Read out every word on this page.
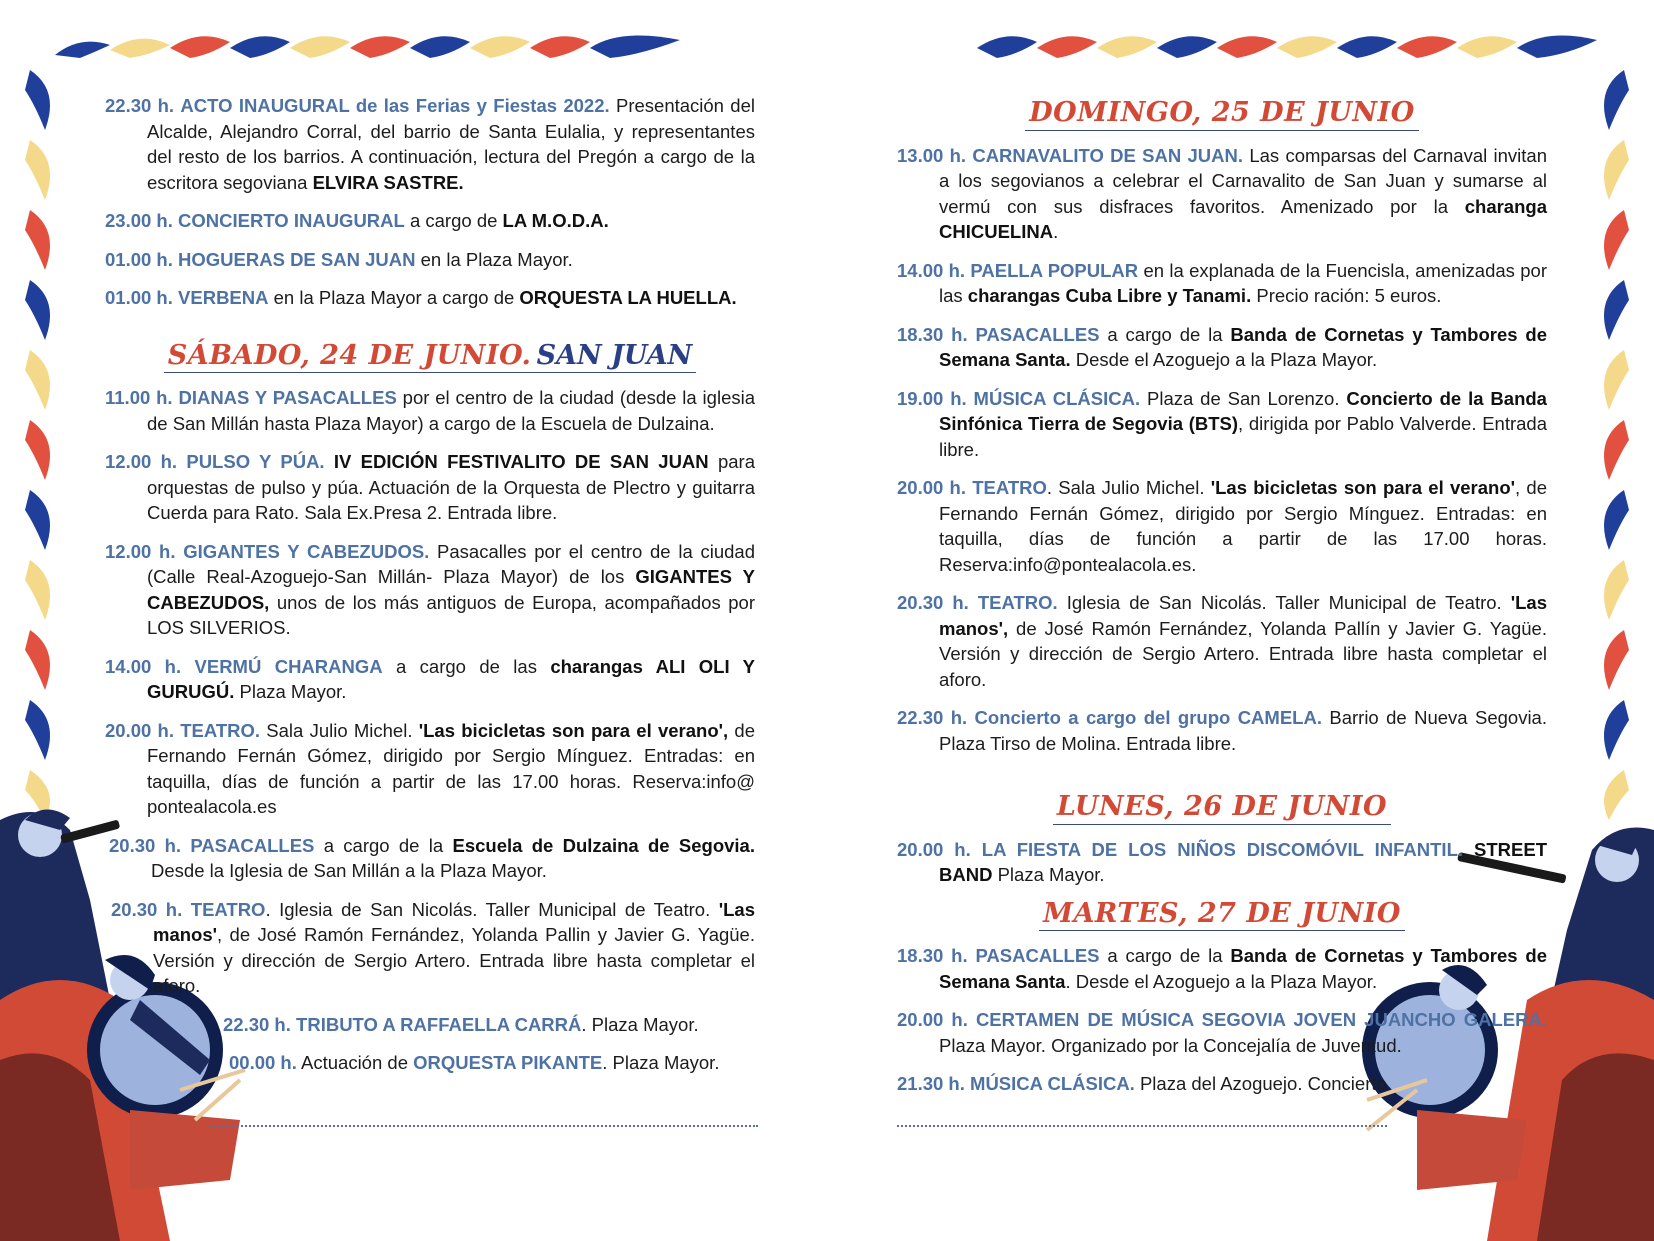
22.30 h. ACTO INAUGURAL de las Ferias y Fiestas 2022. Presentación del Alcalde, Alejandro Corral, del barrio de Santa Eulalia, y representantes del resto de los barrios. A continuación, lectura del Pregón a cargo de la escritora segoviana ELVIRA SASTRE.

23.00 h. CONCIERTO INAUGURAL a cargo de LA M.O.D.A.

01.00 h. HOGUERAS DE SAN JUAN en la Plaza Mayor.

01.00 h. VERBENA en la Plaza Mayor a cargo de ORQUESTA LA HUELLA.

SÁBADO, 24 DE JUNIO. SAN JUAN

11.00 h. DIANAS Y PASACALLES por el centro de la ciudad (desde la iglesia de San Millán hasta Plaza Mayor) a cargo de la Escuela de Dulzaina.

12.00 h. PULSO Y PÚA. IV EDICIÓN FESTIVALITO DE SAN JUAN para orquestas de pulso y púa. Actuación de la Orquesta de Plectro y guitarra Cuerda para Rato. Sala Ex.Presa 2. Entrada libre.

12.00 h. GIGANTES Y CABEZUDOS. Pasacalles por el centro de la ciudad (Calle Real-Azoguejo-San Millán- Plaza Mayor) de los GIGANTES Y CABEZUDOS, unos de los más antiguos de Europa, acompañados por LOS SILVERIOS.

14.00 h. VERMÚ CHARANGA a cargo de las charangas ALI OLI Y GURUGÚ. Plaza Mayor.

20.00 h. TEATRO. Sala Julio Michel. 'Las bicicletas son para el verano', de Fernando Fernán Gómez, dirigido por Sergio Mínguez. Entradas: en taquilla, días de función a partir de las 17.00 horas. Reserva:info@ pontealacola.es

20.30 h. PASACALLES a cargo de la Escuela de Dulzaina de Segovia. Desde la Iglesia de San Millán a la Plaza Mayor.

20.30 h. TEATRO. Iglesia de San Nicolás. Taller Municipal de Teatro. 'Las manos', de José Ramón Fernández, Yolanda Pallin y Javier G. Yagüe. Versión y dirección de Sergio Artero. Entrada libre hasta completar el aforo.

22.30 h. TRIBUTO A RAFFAELLA CARRÁ. Plaza Mayor.

00.00 h. Actuación de ORQUESTA PIKANTE. Plaza Mayor.

DOMINGO, 25 DE JUNIO

13.00 h. CARNAVALITO DE SAN JUAN. Las comparsas del Carnaval invitan a los segovianos a celebrar el Carnavalito de San Juan y sumarse al vermú con sus disfraces favoritos. Amenizado por la charanga CHICUELINA.

14.00 h. PAELLA POPULAR en la explanada de la Fuencisla, amenizadas por las charangas Cuba Libre y Tanami. Precio ración: 5 euros.

18.30 h. PASACALLES a cargo de la Banda de Cornetas y Tambores de Semana Santa. Desde el Azoguejo a la Plaza Mayor.

19.00 h. MÚSICA CLÁSICA. Plaza de San Lorenzo. Concierto de la Banda Sinfónica Tierra de Segovia (BTS), dirigida por Pablo Valverde. Entrada libre.

20.00 h. TEATRO. Sala Julio Michel. 'Las bicicletas son para el verano', de Fernando Fernán Gómez, dirigido por Sergio Mínguez. Entradas: en taquilla, días de función a partir de las 17.00 horas. Reserva:info@pontealacola.es.

20.30 h. TEATRO. Iglesia de San Nicolás. Taller Municipal de Teatro. 'Las manos', de José Ramón Fernández, Yolanda Pallín y Javier G. Yagüe. Versión y dirección de Sergio Artero. Entrada libre hasta completar el aforo.

22.30 h. Concierto a cargo del grupo CAMELA. Barrio de Nueva Segovia. Plaza Tirso de Molina. Entrada libre.

LUNES, 26 DE JUNIO

20.00 h. LA FIESTA DE LOS NIÑOS DISCOMÓVIL INFANTIL. STREET BAND Plaza Mayor.

MARTES, 27 DE JUNIO

18.30 h. PASACALLES a cargo de la Banda de Cornetas y Tambores de Semana Santa. Desde el Azoguejo a la Plaza Mayor.

20.00 h. CERTAMEN DE MÚSICA SEGOVIA JOVEN JUANCHO GALERA. Plaza Mayor. Organizado por la Concejalía de Juventud.

21.30 h. MÚSICA CLÁSICA. Plaza del Azoguejo. Concierto
